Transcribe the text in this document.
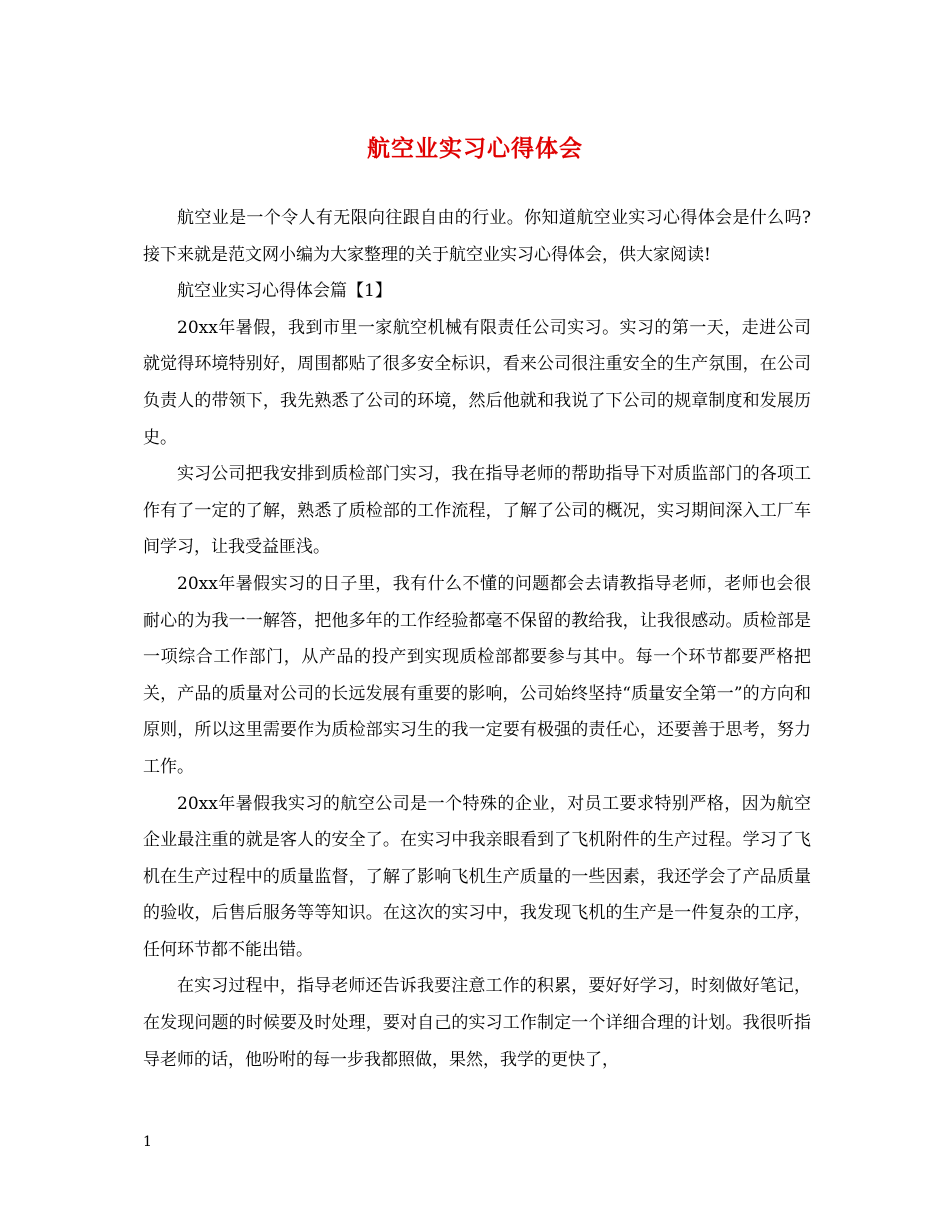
航空业实习心得体会

航空业是一个令人有无限向往跟自由的行业。你知道航空业实习心得体会是什么吗?接下来就是范文网小编为大家整理的关于航空业实习心得体会，供大家阅读!

航空业实习心得体会篇【1】

20xx年暑假，我到市里一家航空机械有限责任公司实习。实习的第一天，走进公司就觉得环境特别好，周围都贴了很多安全标识，看来公司很注重安全的生产氛围，在公司负责人的带领下，我先熟悉了公司的环境，然后他就和我说了下公司的规章制度和发展历史。

实习公司把我安排到质检部门实习，我在指导老师的帮助指导下对质监部门的各项工作有了一定的了解，熟悉了质检部的工作流程，了解了公司的概况，实习期间深入工厂车间学习，让我受益匪浅。

20xx年暑假实习的日子里，我有什么不懂的问题都会去请教指导老师，老师也会很耐心的为我一一解答，把他多年的工作经验都毫不保留的教给我，让我很感动。质检部是一项综合工作部门，从产品的投产到实现质检部都要参与其中。每一个环节都要严格把关，产品的质量对公司的长远发展有重要的影响，公司始终坚持“质量安全第一”的方向和原则，所以这里需要作为质检部实习生的我一定要有极强的责任心，还要善于思考，努力工作。

20xx年暑假我实习的航空公司是一个特殊的企业，对员工要求特别严格，因为航空企业最注重的就是客人的安全了。在实习中我亲眼看到了飞机附件的生产过程。学习了飞机在生产过程中的质量监督，了解了影响飞机生产质量的一些因素，我还学会了产品质量的验收，后售后服务等等知识。在这次的实习中，我发现飞机的生产是一件复杂的工序，任何环节都不能出错。

在实习过程中，指导老师还告诉我要注意工作的积累，要好好学习，时刻做好笔记，在发现问题的时候要及时处理，要对自己的实习工作制定一个详细合理的计划。我很听指导老师的话，他吩咐的每一步我都照做，果然，我学的更快了，

1
